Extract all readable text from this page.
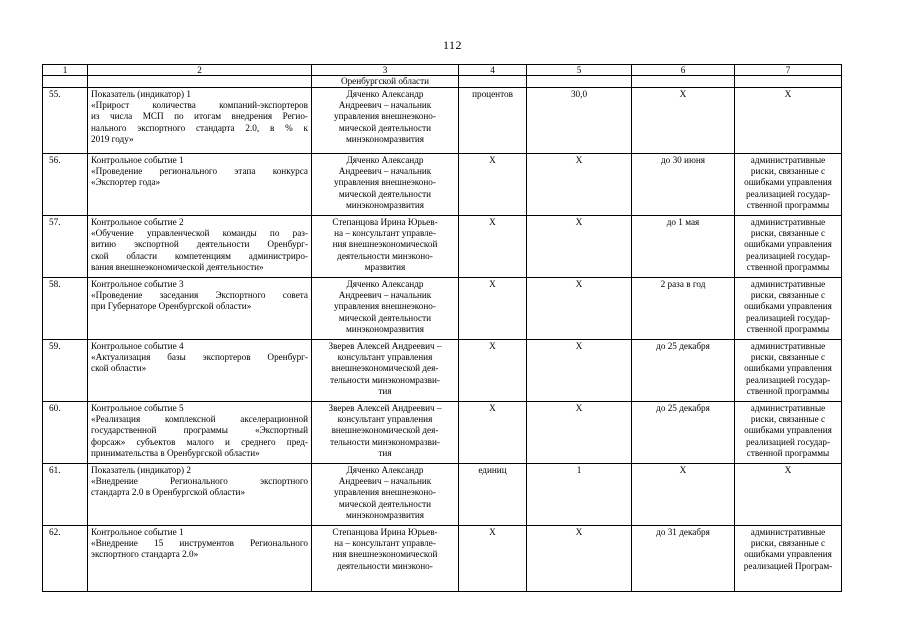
112
1	2	3	4	5	6	7
		Оренбургской области				
55.	Показатель (индикатор) 1
«Прирост количества компаний-экспортеров
из числа МСП по итогам внедрения Регио-
нального экспортного стандарта 2.0, в % к
2019 году»	Дяченко Александр
Андреевич – начальник
управления внешнеэконо-
мической деятельности
минэкономразвития	процентов	30,0	Х	Х

56.	Контрольное событие 1
«Проведение регионального этапа конкурса
«Экспортер года»	Дяченко Александр
Андреевич – начальник
управления внешнеэконо-
мической деятельности
минэкономразвития	Х	Х	до 30 июня	административные
риски, связанные с
ошибками управления
реализацией государ-
ственной программы

57.	Контрольное событие 2
«Обучение управленческой команды по раз-
витию экспортной деятельности Оренбург-
ской области компетенциям администриро-
вания внешнеэкономической деятельности»	Степанцова Ирина Юрьев-
на – консультант управле-
ния внешнеэкономической
деятельности минэконо-
мразвития	Х	Х	до 1 мая	административные
риски, связанные с
ошибками управления
реализацией государ-
ственной программы

58.	Контрольное событие 3
«Проведение заседания Экспортного совета
при Губернаторе Оренбургской области»	Дяченко Александр
Андреевич – начальник
управления внешнеэконо-
мической деятельности
минэкономразвития	Х	Х	2 раза в год	административные
риски, связанные с
ошибками управления
реализацией государ-
ственной программы

59.	Контрольное событие 4
«Актуализация базы экспортеров Оренбург-
ской области»	Зверев Алексей Андреевич –
консультант управления
внешнеэкономической дея-
тельности минэкономразви-
тия	Х	Х	до 25 декабря	административные
риски, связанные с
ошибками управления
реализацией государ-
ственной программы

60.	Контрольное событие 5
«Реализация комплексной акселерационной
государственной программы «Экспортный
форсаж» субъектов малого и среднего пред-
принимательства в Оренбургской области»	Зверев Алексей Андреевич –
консультант управления
внешнеэкономической дея-
тельности минэкономразви-
тия	Х	Х	до 25 декабря	административные
риски, связанные с
ошибками управления
реализацией государ-
ственной программы

61.	Показатель (индикатор) 2
«Внедрение Регионального экспортного
стандарта 2.0 в Оренбургской области»	Дяченко Александр
Андреевич – начальник
управления внешнеэконо-
мической деятельности
минэкономразвития	единиц	1	Х	Х

62.	Контрольное событие 1
«Внедрение 15 инструментов Регионального
экспортного стандарта 2.0»	Степанцова Ирина Юрьев-
на – консультант управле-
ния внешнеэкономической
деятельности минэконо-	Х	Х	до 31 декабря	административные
риски, связанные с
ошибками управления
реализацией Програм-
